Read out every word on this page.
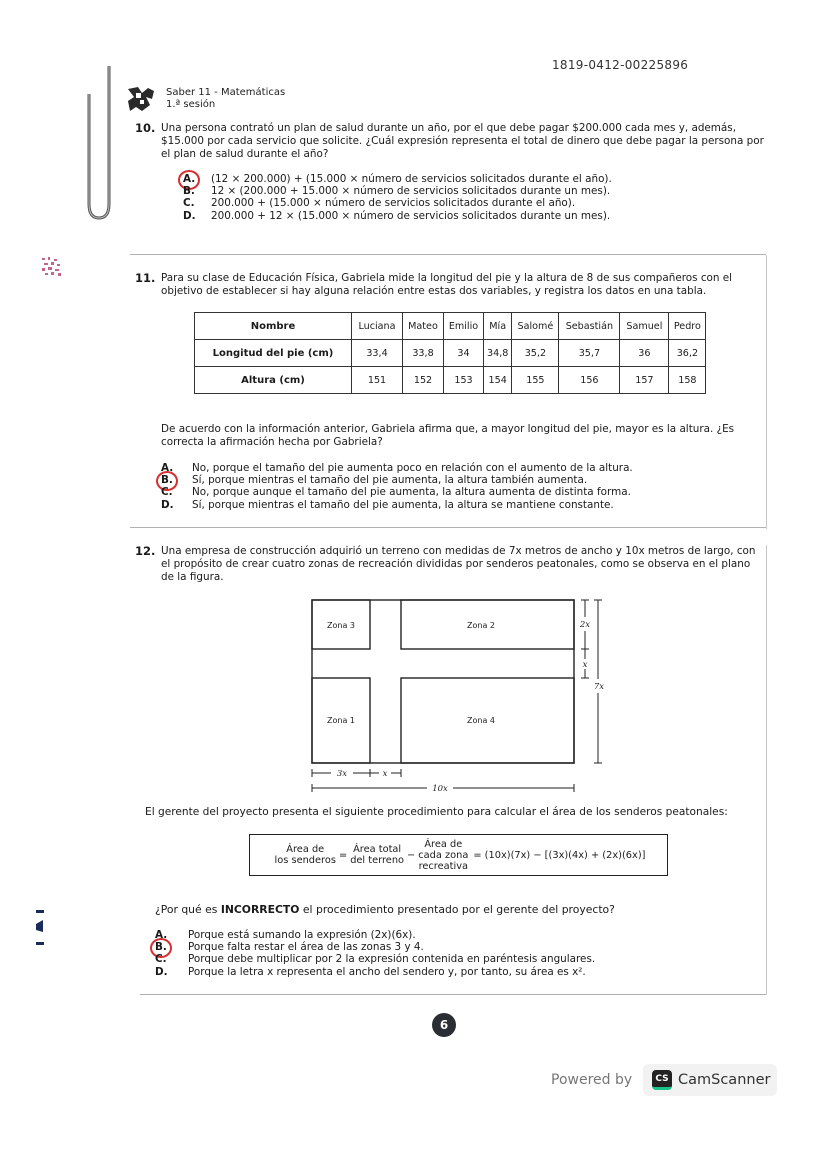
1819-0412-00225896
Saber 11 - Matemáticas
1.ª sesión
10. Una persona contrató un plan de salud durante un año, por el que debe pagar $200.000 cada mes y, además, $15.000 por cada servicio que solicite. ¿Cuál expresión representa el total de dinero que debe pagar la persona por el plan de salud durante el año?
A.	(12 × 200.000) + (15.000 × número de servicios solicitados durante el año).
B.	12 × (200.000 + 15.000 × número de servicios solicitados durante un mes).
C.	200.000 + (15.000 × número de servicios solicitados durante el año).
D.	200.000 + 12 × (15.000 × número de servicios solicitados durante un mes).
11. Para su clase de Educación Física, Gabriela mide la longitud del pie y la altura de 8 de sus compañeros con el objetivo de establecer si hay alguna relación entre estas dos variables, y registra los datos en una tabla.
Nombre	Luciana	Mateo	Emilio	Mía	Salomé	Sebastián	Samuel	Pedro
Longitud del pie (cm)	33,4	33,8	34	34,8	35,2	35,7	36	36,2
Altura (cm)	151	152	153	154	155	156	157	158
De acuerdo con la información anterior, Gabriela afirma que, a mayor longitud del pie, mayor es la altura. ¿Es correcta la afirmación hecha por Gabriela?
A.	No, porque el tamaño del pie aumenta poco en relación con el aumento de la altura.
B.	Sí, porque mientras el tamaño del pie aumenta, la altura también aumenta.
C.	No, porque aunque el tamaño del pie aumenta, la altura aumenta de distinta forma.
D.	Sí, porque mientras el tamaño del pie aumenta, la altura se mantiene constante.
12. Una empresa de construcción adquirió un terreno con medidas de 7x metros de ancho y 10x metros de largo, con el propósito de crear cuatro zonas de recreación divididas por senderos peatonales, como se observa en el plano de la figura.
Zona 3	Zona 2
Zona 1	Zona 4
3x	x
10x
2x
x
7x
El gerente del proyecto presenta el siguiente procedimiento para calcular el área de los senderos peatonales:
Área de
los senderos = Área total
del terreno −
Área de
cada zona
recreativa
= (10x)(7x) − [(3x)(4x) + (2x)(6x)]
¿Por qué es INCORRECTO el procedimiento presentado por el gerente del proyecto?
A.	Porque está sumando la expresión (2x)(6x).
B.	Porque falta restar el área de las zonas 3 y 4.
C.	Porque debe multiplicar por 2 la expresión contenida en paréntesis angulares.
D.	Porque la letra x representa el ancho del sendero y, por tanto, su área es x².
6
Powered by	CS CamScanner
